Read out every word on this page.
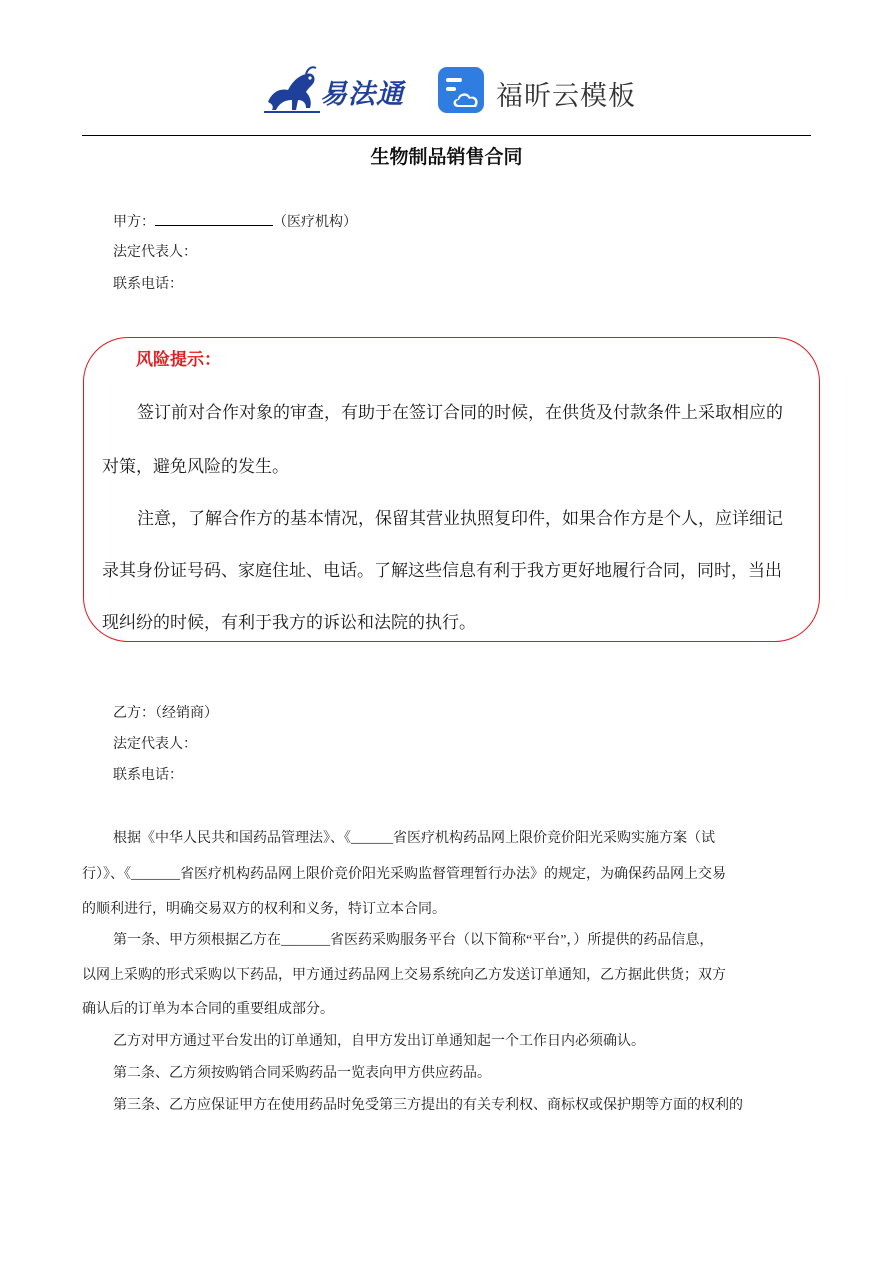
易法通	福昕云模板
生物制品销售合同
甲方：	（医疗机构）
法定代表人：
联系电话：
风险提示：
签订前对合作对象的审查，有助于在签订合同的时候，在供货及付款条件上采取相应的
对策，避免风险的发生。
注意，了解合作方的基本情况，保留其营业执照复印件，如果合作方是个人，应详细记
录其身份证号码、家庭住址、电话。了解这些信息有利于我方更好地履行合同，同时，当出
现纠纷的时候，有利于我方的诉讼和法院的执行。
乙方：（经销商）
法定代表人：
联系电话：
根据《中华人民共和国药品管理法》、《______省医疗机构药品网上限价竞价阳光采购实施方案（试
行）》、《_______省医疗机构药品网上限价竞价阳光采购监督管理暂行办法》的规定，为确保药品网上交易
的顺利进行，明确交易双方的权利和义务，特订立本合同。
第一条、甲方须根据乙方在_______省医药采购服务平台（以下简称“平台”，）所提供的药品信息，
以网上采购的形式采购以下药品，甲方通过药品网上交易系统向乙方发送订单通知，乙方据此供货；双方
确认后的订单为本合同的重要组成部分。
乙方对甲方通过平台发出的订单通知，自甲方发出订单通知起一个工作日内必须确认。
第二条、乙方须按购销合同采购药品一览表向甲方供应药品。
第三条、乙方应保证甲方在使用药品时免受第三方提出的有关专利权、商标权或保护期等方面的权利的
